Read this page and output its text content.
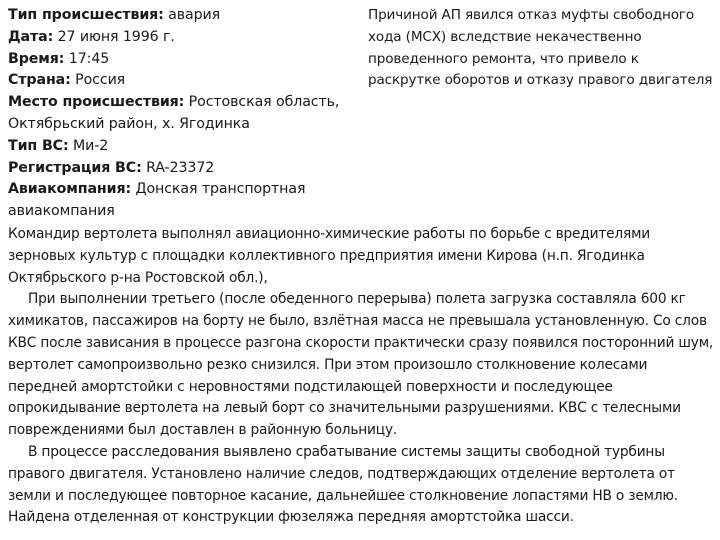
Тип происшествия: авария
Дата: 27 июня 1996 г.
Время: 17:45
Страна: Россия
Место происшествия: Ростовская область, Октябрьский район, х. Ягодинка
Тип ВС: Ми-2
Регистрация ВС: RA-23372
Авиакомпания: Донская транспортная авиакомпания
Причиной АП явился отказ муфты свободного хода (МСХ) вследствие некачественно проведенного ремонта, что привело к раскрутке оборотов и отказу правого двигателя

Командир вертолета выполнял авиационно-химические работы по борьбе с вредителями зерновых культур с площадки коллективного предприятия имени Кирова (н.п. Ягодинка Октябрьского р-на Ростовской обл.),

При выполнении третьего (после обеденного перерыва) полета загрузка составляла 600 кг химикатов, пассажиров на борту не было, взлётная масса не превышала установленную. Со слов КВС после зависания в процессе разгона скорости практически сразу появился посторонний шум, вертолет самопроизвольно резко снизился. При этом произошло столкновение колесами передней амортстойки с неровностями подстилающей поверхности и последующее опрокидывание вертолета на левый борт со значительными разрушениями. КВС с телесными повреждениями был доставлен в районную больницу.

В процессе расследования выявлено срабатывание системы защиты свободной турбины правого двигателя. Установлено наличие следов, подтверждающих отделение вертолета от земли и последующее повторное касание, дальнейшее столкновение лопастями НВ о землю. Найдена отделенная от конструкции фюзеляжа передняя амортстойка шасси.
